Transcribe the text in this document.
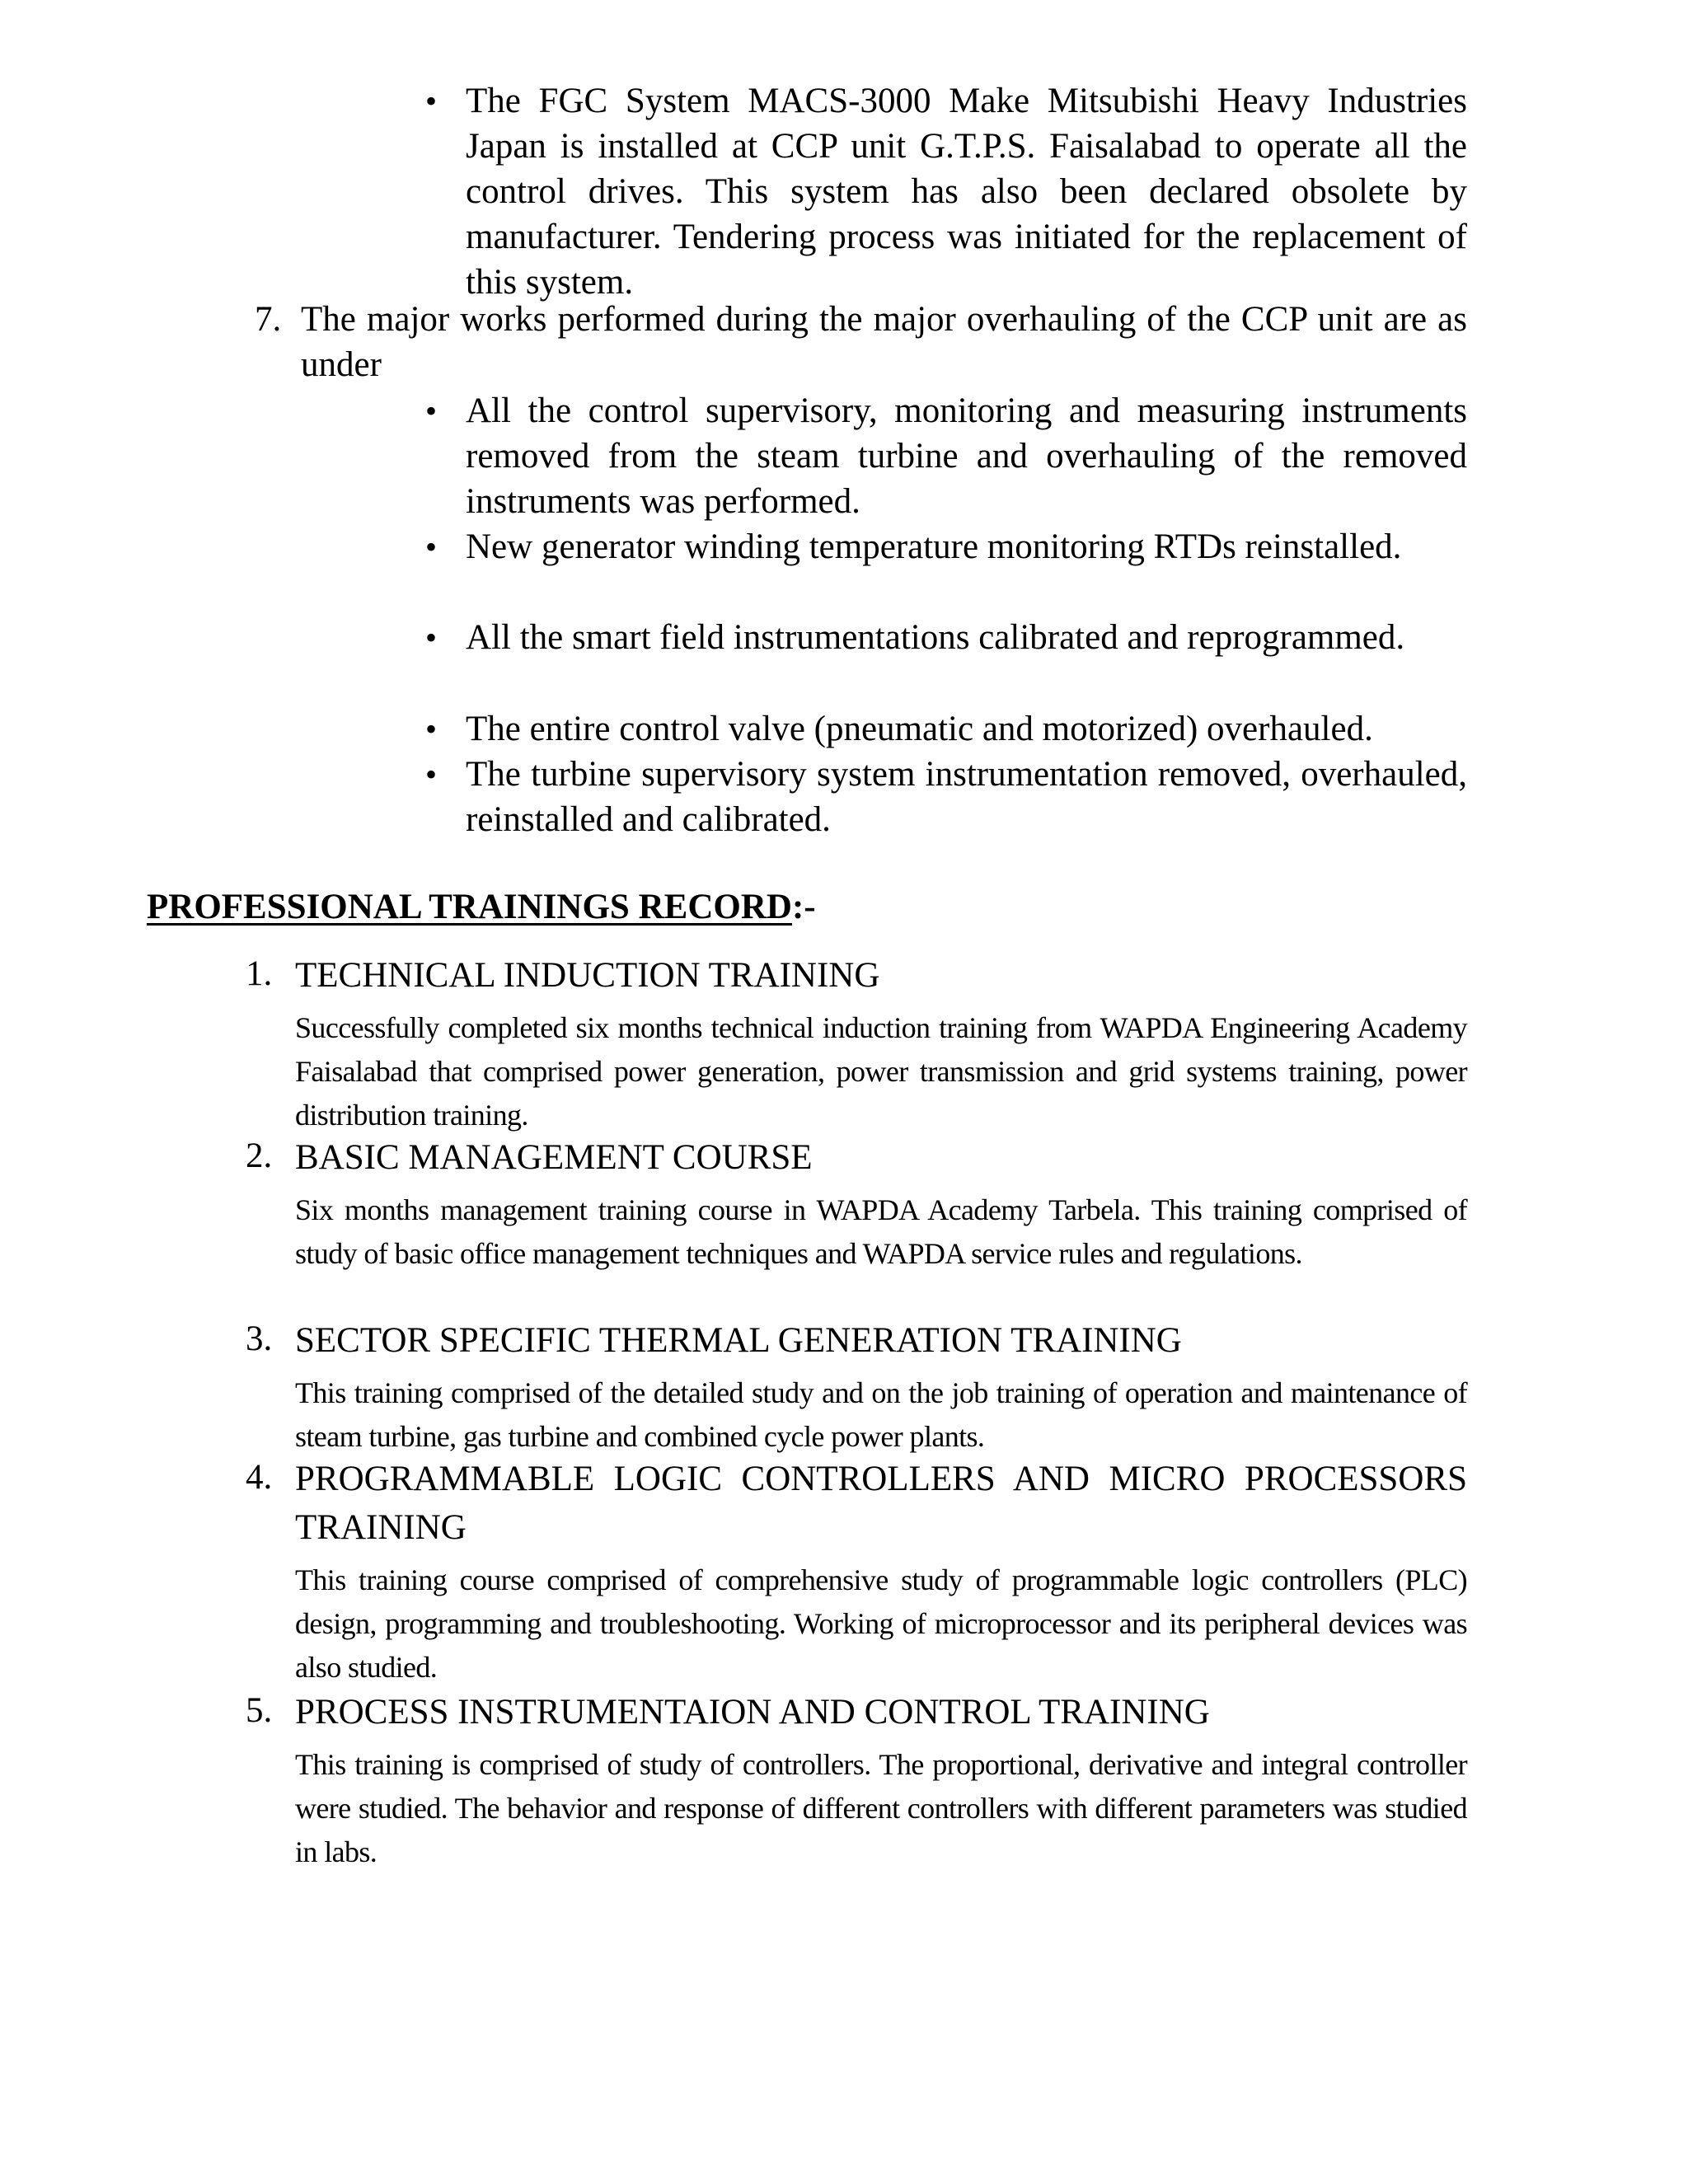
• The FGC System MACS-3000 Make Mitsubishi Heavy Industries Japan is installed at CCP unit G.T.P.S. Faisalabad to operate all the control drives. This system has also been declared obsolete by manufacturer. Tendering process was initiated for the replacement of this system.
7. The major works performed during the major overhauling of the CCP unit are as under
• All the control supervisory, monitoring and measuring instruments removed from the steam turbine and overhauling of the removed instruments was performed.
• New generator winding temperature monitoring RTDs reinstalled.
• All the smart field instrumentations calibrated and reprogrammed.
• The entire control valve (pneumatic and motorized) overhauled.
• The turbine supervisory system instrumentation removed, overhauled, reinstalled and calibrated.
PROFESSIONAL TRAININGS RECORD:-
1. TECHNICAL INDUCTION TRAINING
Successfully completed six months technical induction training from WAPDA Engineering Academy Faisalabad that comprised power generation, power transmission and grid systems training, power distribution training.
2. BASIC MANAGEMENT COURSE
Six months management training course in WAPDA Academy Tarbela. This training comprised of study of basic office management techniques and WAPDA service rules and regulations.
3. SECTOR SPECIFIC THERMAL GENERATION TRAINING
This training comprised of the detailed study and on the job training of operation and maintenance of steam turbine, gas turbine and combined cycle power plants.
4. PROGRAMMABLE LOGIC CONTROLLERS AND MICRO PROCESSORS TRAINING
This training course comprised of comprehensive study of programmable logic controllers (PLC) design, programming and troubleshooting. Working of microprocessor and its peripheral devices was also studied.
5. PROCESS INSTRUMENTAION AND CONTROL TRAINING
This training is comprised of study of controllers. The proportional, derivative and integral controller were studied. The behavior and response of different controllers with different parameters was studied in labs.
